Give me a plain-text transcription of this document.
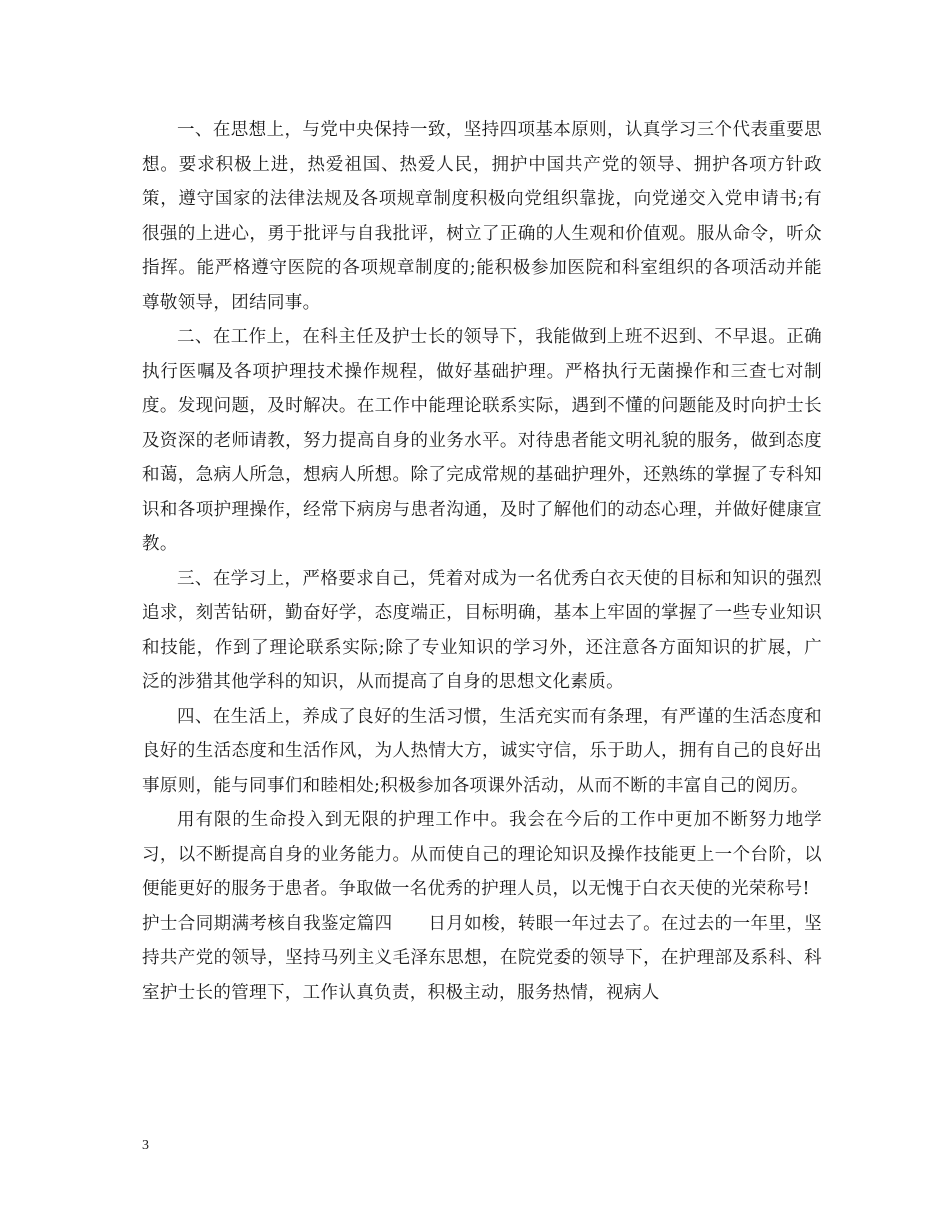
一、在思想上，与党中央保持一致，坚持四项基本原则，认真学习三个代表重要思想。要求积极上进，热爱祖国、热爱人民，拥护中国共产党的领导、拥护各项方针政策，遵守国家的法律法规及各项规章制度积极向党组织靠拢，向党递交入党申请书;有很强的上进心，勇于批评与自我批评，树立了正确的人生观和价值观。服从命令，听众指挥。能严格遵守医院的各项规章制度的;能积极参加医院和科室组织的各项活动并能尊敬领导，团结同事。

二、在工作上，在科主任及护士长的领导下，我能做到上班不迟到、不早退。正确执行医嘱及各项护理技术操作规程，做好基础护理。严格执行无菌操作和三查七对制度。发现问题，及时解决。在工作中能理论联系实际，遇到不懂的问题能及时向护士长及资深的老师请教，努力提高自身的业务水平。对待患者能文明礼貌的服务，做到态度和蔼，急病人所急，想病人所想。除了完成常规的基础护理外，还熟练的掌握了专科知识和各项护理操作，经常下病房与患者沟通，及时了解他们的动态心理，并做好健康宣教。

三、在学习上，严格要求自己，凭着对成为一名优秀白衣天使的目标和知识的强烈追求，刻苦钻研，勤奋好学，态度端正，目标明确，基本上牢固的掌握了一些专业知识和技能，作到了理论联系实际;除了专业知识的学习外，还注意各方面知识的扩展，广泛的涉猎其他学科的知识，从而提高了自身的思想文化素质。

四、在生活上，养成了良好的生活习惯，生活充实而有条理，有严谨的生活态度和良好的生活态度和生活作风，为人热情大方，诚实守信，乐于助人，拥有自己的良好出事原则，能与同事们和睦相处;积极参加各项课外活动，从而不断的丰富自己的阅历。

用有限的生命投入到无限的护理工作中。我会在今后的工作中更加不断努力地学习，以不断提高自身的业务能力。从而使自己的理论知识及操作技能更上一个台阶，以便能更好的服务于患者。争取做一名优秀的护理人员，以无愧于白衣天使的光荣称号!

护士合同期满考核自我鉴定篇四　　日月如梭，转眼一年过去了。在过去的一年里，坚持共产党的领导，坚持马列主义毛泽东思想，在院党委的领导下，在护理部及系科、科室护士长的管理下，工作认真负责，积极主动，服务热情，视病人

3
